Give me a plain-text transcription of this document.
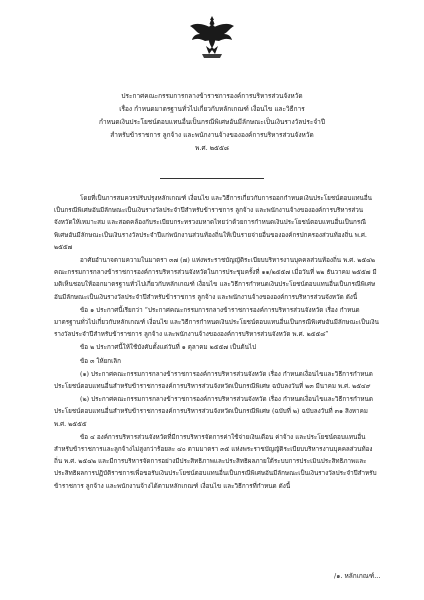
ประกาศคณะกรรมการกลางข้าราชการองค์การบริหารส่วนจังหวัด
เรื่อง กำหนดมาตรฐานทั่วไปเกี่ยวกับหลักเกณฑ์ เงื่อนไข และวิธีการ
กำหนดเงินประโยชน์ตอบแทนอื่นเป็นกรณีพิเศษอันมีลักษณะเป็นเงินรางวัลประจำปี
สำหรับข้าราชการ ลูกจ้าง และพนักงานจ้างขององค์การบริหารส่วนจังหวัด
พ.ศ. ๒๕๕๘

โดยที่เป็นการสมควรปรับปรุงหลักเกณฑ์ เงื่อนไข และวิธีการเกี่ยวกับการออกกำหนดเงินประโยชน์ตอบแทนอื่นเป็นกรณีพิเศษอันมีลักษณะเป็นเงินรางวัลประจำปีสำหรับข้าราชการ ลูกจ้าง และพนักงานจ้างขององค์การบริหารส่วนจังหวัดให้เหมาะสม และสอดคล้องกับระเบียบกระทรวงมหาดไทยว่าด้วยการกำหนดเงินประโยชน์ตอบแทนอื่นเป็นกรณีพิเศษอันมีลักษณะเป็นเงินรางวัลประจำปีแก่พนักงานส่วนท้องถิ่นให้เป็นรายจ่ายอื่นขององค์กรปกครองส่วนท้องถิ่น พ.ศ. ๒๕๕๗

อาศัยอำนาจตามความในมาตรา ๓๗ (๗) แห่งพระราชบัญญัติระเบียบบริหารงานบุคคลส่วนท้องถิ่น พ.ศ. ๒๕๔๒ คณะกรรมการกลางข้าราชการองค์การบริหารส่วนจังหวัดในการประชุมครั้งที่ ๑๑/๒๕๕๗ เมื่อวันที่ ๒๒ ธันวาคม ๒๕๕๗ มีมติเห็นชอบให้ออกมาตรฐานทั่วไปเกี่ยวกับหลักเกณฑ์ เงื่อนไข และวิธีการกำหนดเงินประโยชน์ตอบแทนอื่นเป็นกรณีพิเศษอันมีลักษณะเป็นเงินรางวัลประจำปีสำหรับข้าราชการ ลูกจ้าง และพนักงานจ้างขององค์การบริหารส่วนจังหวัด ดังนี้

ข้อ ๑ ประกาศนี้เรียกว่า “ประกาศคณะกรรมการกลางข้าราชการองค์การบริหารส่วนจังหวัด เรื่อง กำหนดมาตรฐานทั่วไปเกี่ยวกับหลักเกณฑ์ เงื่อนไข และวิธีการกำหนดเงินประโยชน์ตอบแทนอื่นเป็นกรณีพิเศษอันมีลักษณะเป็นเงินรางวัลประจำปีสำหรับข้าราชการ ลูกจ้าง และพนักงานจ้างขององค์การบริหารส่วนจังหวัด พ.ศ. ๒๕๕๘”

ข้อ ๒ ประกาศนี้ให้ใช้บังคับตั้งแต่วันที่ ๑ ตุลาคม ๒๕๕๗ เป็นต้นไป

ข้อ ๓ ให้ยกเลิก

(๑) ประกาศคณะกรรมการกลางข้าราชการองค์การบริหารส่วนจังหวัด เรื่อง กำหนดเงื่อนไขและวิธีการกำหนดประโยชน์ตอบแทนอื่นสำหรับข้าราชการองค์การบริหารส่วนจังหวัดเป็นกรณีพิเศษ ฉบับลงวันที่ ๒๓ มีนาคม พ.ศ. ๒๕๔๙

(๒) ประกาศคณะกรรมการกลางข้าราชการองค์การบริหารส่วนจังหวัด เรื่อง กำหนดเงื่อนไขและวิธีการกำหนดประโยชน์ตอบแทนอื่นสำหรับข้าราชการองค์การบริหารส่วนจังหวัดเป็นกรณีพิเศษ (ฉบับที่ ๒) ฉบับลงวันที่ ๓๑ สิงหาคม พ.ศ. ๒๕๕๕

ข้อ ๔ องค์การบริหารส่วนจังหวัดที่มีการบริหารจัดการค่าใช้จ่ายเงินเดือน ค่าจ้าง และประโยชน์ตอบแทนอื่นสำหรับข้าราชการและลูกจ้างไม่สูงกว่าร้อยละ ๔๐ ตามมาตรา ๓๕ แห่งพระราชบัญญัติระเบียบบริหารงานบุคคลส่วนท้องถิ่น พ.ศ. ๒๕๔๒ และมีการบริหารจัดการอย่างมีประสิทธิภาพและประสิทธิผลภายใต้ระบบการประเมินประสิทธิภาพและประสิทธิผลการปฏิบัติราชการเพื่อขอรับเงินประโยชน์ตอบแทนอื่นเป็นกรณีพิเศษอันมีลักษณะเป็นเงินรางวัลประจำปีสำหรับข้าราชการ ลูกจ้าง และพนักงานจ้างได้ตามหลักเกณฑ์ เงื่อนไข และวิธีการที่กำหนด ดังนี้

/๑. หลักเกณฑ์...
